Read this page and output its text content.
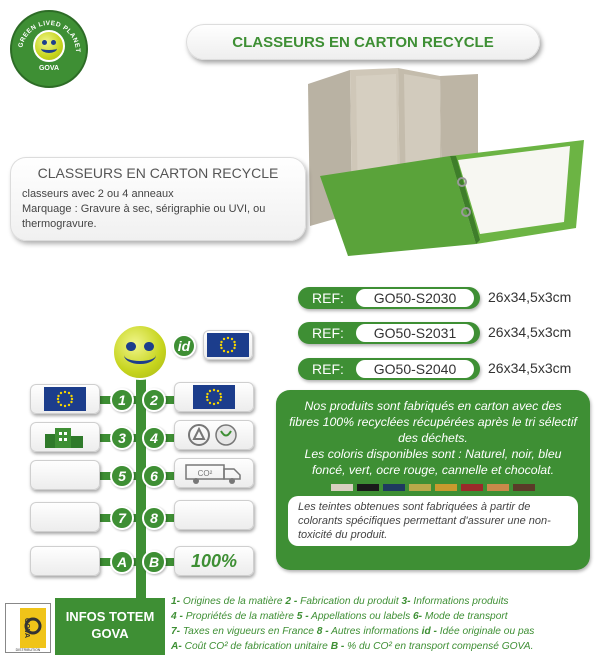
GREEN LIVED PLANET
GOVA
CLASSEURS EN CARTON RECYCLE
CLASSEURS EN CARTON RECYCLE
classeurs avec 2 ou 4 anneaux
Marquage : Gravure à sec, sérigraphie ou UVI, ou thermogravure.
REF:	GO50-S2030	26x34,5x3cm
REF:	GO50-S2031	26x34,5x3cm
REF:	GO50-S2040	26x34,5x3cm
id
1 2
3 4
5 6	CO²
7 8
A B 100%

Nos produits sont fabriqués en carton avec des fibres 100% recyclées récupérées après le tri sélectif des déchets.

Les coloris disponibles sont : Naturel, noir, bleu foncé, vert, ocre rouge, cannelle et chocolat.

Les teintes obtenues sont fabriquées à partir de colorants spécifiques permettant d'assurer une non-toxicité du produit.

GOVA
DISTRIBUTION
INFOS TOTEM
GOVA
1- Origines de la matière 2 - Fabrication du produit 3- Informations produits
4 - Propriétés de la matière 5 - Appellations ou labels 6- Mode de transport
7- Taxes en vigueurs en France 8 - Autres informations id - Idée originale ou pas
A- Coût CO² de fabrication unitaire B - % du CO² en transport compensé GOVA.
